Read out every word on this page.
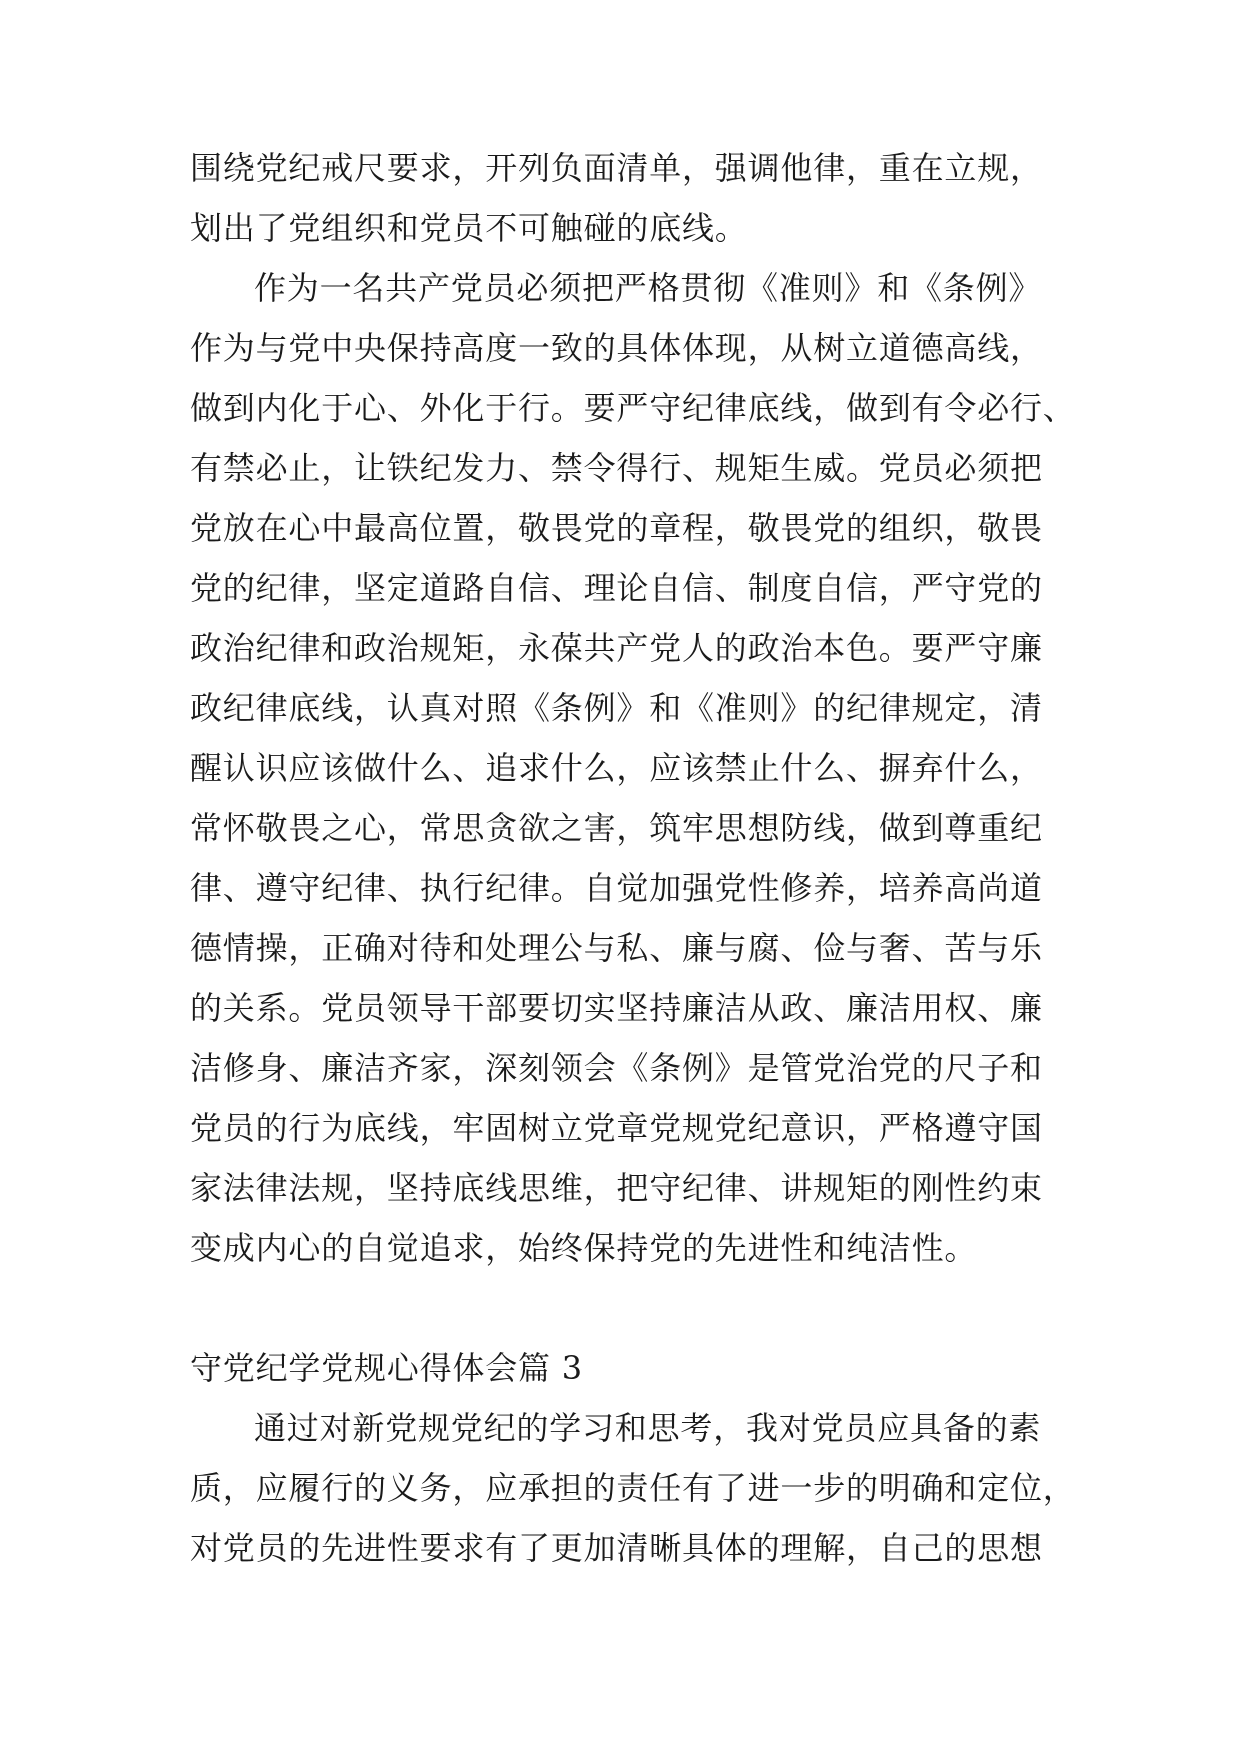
围绕党纪戒尺要求，开列负面清单，强调他律，重在立规，
划出了党组织和党员不可触碰的底线。
作为一名共产党员必须把严格贯彻《准则》和《条例》
作为与党中央保持高度一致的具体体现，从树立道德高线，
做到内化于心、外化于行。要严守纪律底线，做到有令必行、
有禁必止，让铁纪发力、禁令得行、规矩生威。党员必须把
党放在心中最高位置，敬畏党的章程，敬畏党的组织，敬畏
党的纪律，坚定道路自信、理论自信、制度自信，严守党的
政治纪律和政治规矩，永葆共产党人的政治本色。要严守廉
政纪律底线，认真对照《条例》和《准则》的纪律规定，清
醒认识应该做什么、追求什么，应该禁止什么、摒弃什么，
常怀敬畏之心，常思贪欲之害，筑牢思想防线，做到尊重纪
律、遵守纪律、执行纪律。自觉加强党性修养，培养高尚道
德情操，正确对待和处理公与私、廉与腐、俭与奢、苦与乐
的关系。党员领导干部要切实坚持廉洁从政、廉洁用权、廉
洁修身、廉洁齐家，深刻领会《条例》是管党治党的尺子和
党员的行为底线，牢固树立党章党规党纪意识，严格遵守国
家法律法规，坚持底线思维，把守纪律、讲规矩的刚性约束
变成内心的自觉追求，始终保持党的先进性和纯洁性。
守党纪学党规心得体会篇 3
通过对新党规党纪的学习和思考，我对党员应具备的素
质，应履行的义务，应承担的责任有了进一步的明确和定位，
对党员的先进性要求有了更加清晰具体的理解，自己的思想
